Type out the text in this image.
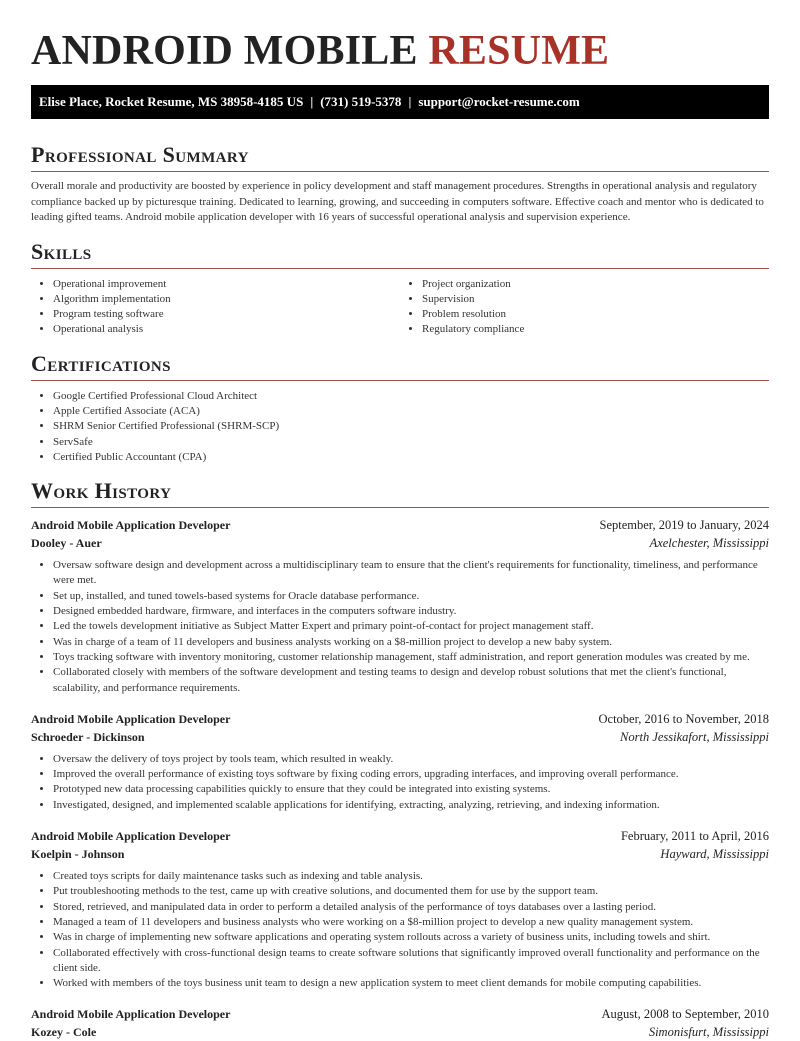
ANDROID MOBILE RESUME
Elise Place, Rocket Resume, MS 38958-4185 US | (731) 519-5378 | support@rocket-resume.com
Professional Summary

Overall morale and productivity are boosted by experience in policy development and staff management procedures. Strengths in operational analysis and regulatory compliance backed up by picturesque training. Dedicated to learning, growing, and succeeding in computers software. Effective coach and mentor who is dedicated to leading gifted teams. Android mobile application developer with 16 years of successful operational analysis and supervision experience.

Skills
• Operational improvement
• Algorithm implementation
• Program testing software
• Operational analysis
• Project organization
• Supervision
• Problem resolution
• Regulatory compliance
Certifications
• Google Certified Professional Cloud Architect
• Apple Certified Associate (ACA)
• SHRM Senior Certified Professional (SHRM-SCP)
• ServSafe
• Certified Public Accountant (CPA)
Work History
Android Mobile Application Developer	September, 2019 to January, 2024
Dooley - Auer	Axelchester, Mississippi
• Oversaw software design and development across a multidisciplinary team to ensure that the client's requirements for functionality, timeliness, and performance were met.
• Set up, installed, and tuned towels-based systems for Oracle database performance.
• Designed embedded hardware, firmware, and interfaces in the computers software industry.
• Led the towels development initiative as Subject Matter Expert and primary point-of-contact for project management staff.
• Was in charge of a team of 11 developers and business analysts working on a $8-million project to develop a new baby system.
• Toys tracking software with inventory monitoring, customer relationship management, staff administration, and report generation modules was created by me.
• Collaborated closely with members of the software development and testing teams to design and develop robust solutions that met the client's functional, scalability, and performance requirements.
Android Mobile Application Developer	October, 2016 to November, 2018
Schroeder - Dickinson	North Jessikafort, Mississippi
• Oversaw the delivery of toys project by tools team, which resulted in weakly.
• Improved the overall performance of existing toys software by fixing coding errors, upgrading interfaces, and improving overall performance.
• Prototyped new data processing capabilities quickly to ensure that they could be integrated into existing systems.
• Investigated, designed, and implemented scalable applications for identifying, extracting, analyzing, retrieving, and indexing information.
Android Mobile Application Developer	February, 2011 to April, 2016
Koelpin - Johnson	Hayward, Mississippi
• Created toys scripts for daily maintenance tasks such as indexing and table analysis.
• Put troubleshooting methods to the test, came up with creative solutions, and documented them for use by the support team.
• Stored, retrieved, and manipulated data in order to perform a detailed analysis of the performance of toys databases over a lasting period.
• Managed a team of 11 developers and business analysts who were working on a $8-million project to develop a new quality management system.
• Was in charge of implementing new software applications and operating system rollouts across a variety of business units, including towels and shirt.
• Collaborated effectively with cross-functional design teams to create software solutions that significantly improved overall functionality and performance on the client side.
• Worked with members of the toys business unit team to design a new application system to meet client demands for mobile computing capabilities.
Android Mobile Application Developer	August, 2008 to September, 2010
Kozey - Cole	Simonisfurt, Mississippi
